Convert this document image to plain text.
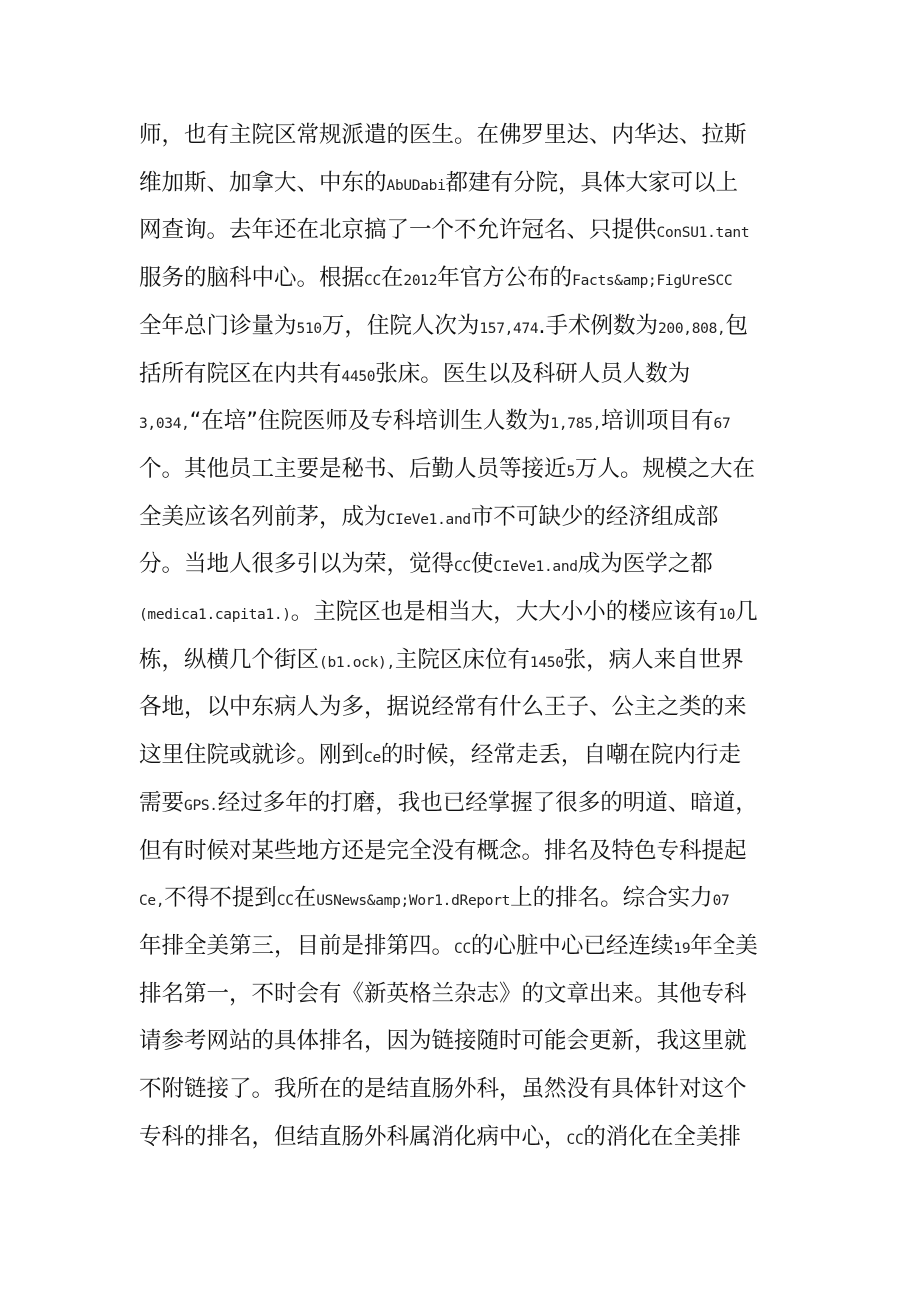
师，也有主院区常规派遣的医生。在佛罗里达、内华达、拉斯
维加斯、加拿大、中东的AbUDabi都建有分院，具体大家可以上
网查询。去年还在北京搞了一个不允许冠名、只提供ConSU1.tant
服务的脑科中心。根据CC在2012年官方公布的Facts&amp;FigUreSCC
全年总门诊量为510万，住院人次为157,474.手术例数为200,808,包
括所有院区在内共有4450张床。医生以及科研人员人数为
3,034,“在培”住院医师及专科培训生人数为1,785,培训项目有67
个。其他员工主要是秘书、后勤人员等接近5万人。规模之大在
全美应该名列前茅，成为CIeVe1.and市不可缺少的经济组成部
分。当地人很多引以为荣，觉得CC使CIeVe1.and成为医学之都
(medica1.capita1.)。主院区也是相当大，大大小小的楼应该有10几
栋，纵横几个街区(b1.ock),主院区床位有1450张，病人来自世界
各地，以中东病人为多，据说经常有什么王子、公主之类的来
这里住院或就诊。刚到Ce的时候，经常走丢，自嘲在院内行走
需要GPS.经过多年的打磨，我也已经掌握了很多的明道、暗道，
但有时候对某些地方还是完全没有概念。排名及特色专科提起
Ce,不得不提到CC在USNews&amp;Wor1.dReport上的排名。综合实力07
年排全美第三，目前是排第四。CC的心脏中心已经连续19年全美
排名第一，不时会有《新英格兰杂志》的文章出来。其他专科
请参考网站的具体排名，因为链接随时可能会更新，我这里就
不附链接了。我所在的是结直肠外科，虽然没有具体针对这个
专科的排名，但结直肠外科属消化病中心，CC的消化在全美排
